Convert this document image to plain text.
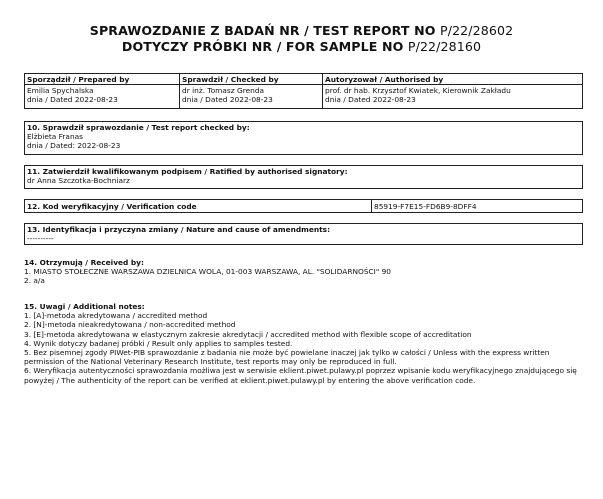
SPRAWOZDANIE Z BADAŃ NR / TEST REPORT NO P/22/28602
DOTYCZY PRÓBKI NR / FOR SAMPLE NO P/22/28160
Sporządził / Prepared by
Emilia Spychalska
dnia / Dated 2022-08-23
Sprawdził / Checked by
dr inż. Tomasz Grenda
dnia / Dated 2022-08-23
Autoryzował / Authorised by
prof. dr hab. Krzysztof Kwiatek, Kierownik Zakładu
dnia / Dated 2022-08-23
10. Sprawdził sprawozdanie / Test report checked by:
Elżbieta Franas
dnia / Dated: 2022-08-23
11. Zatwierdził kwalifikowanym podpisem / Ratified by authorised signatory:
dr Anna Szczotka-Bochniarz
12. Kod weryfikacyjny / Verification code	85919-F7E15-FD6B9-8DFF4
13. Identyfikacja i przyczyna zmiany / Nature and cause of amendments:
----------
14. Otrzymują / Received by:
1. MIASTO STOŁECZNE WARSZAWA DZIELNICA WOLA, 01-003 WARSZAWA, AL. "SOLIDARNOŚCI" 90
2. a/a
15. Uwagi / Additional notes:
1. [A]-metoda akredytowana / accredited method
2. [N]-metoda nieakredytowana / non-accredited method
3. [E]-metoda akredytowana w elastycznym zakresie akredytacji / accredited method with flexible scope of accreditation
4. Wynik dotyczy badanej próbki / Result only applies to samples tested.
5. Bez pisemnej zgody PIWet-PIB sprawozdanie z badania nie może być powielane inaczej jak tylko w całości / Unless with the express written permission of the National Veterinary Research Institute, test reports may only be reproduced in full.
6. Weryfikacja autentyczności sprawozdania możliwa jest w serwisie eklient.piwet.pulawy.pl poprzez wpisanie kodu weryfikacyjnego znajdującego się powyżej / The authenticity of the report can be verified at eklient.piwet.pulawy.pl by entering the above verification code.
